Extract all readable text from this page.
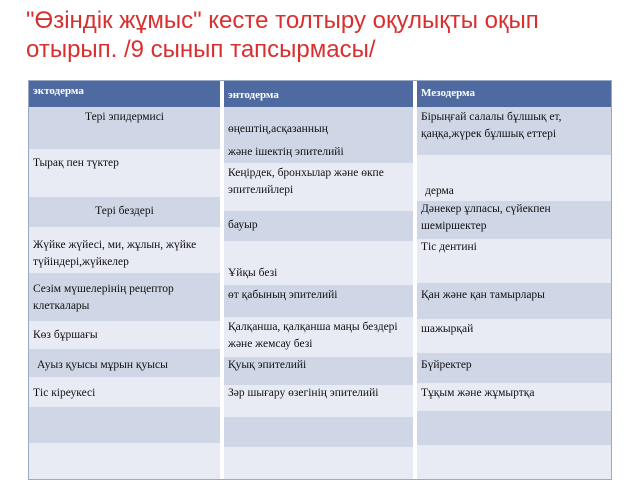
"Өзіндік жұмыс" кесте толтыру оқулықты оқып отырып. /9 сынып тапсырмасы/
эктодерма
Тері эпидермисі
Тырақ пен түктер
Тері бездері
Жүйке жүйесі, ми, жұлын, жүйке түйіндері,жүйкелер
Сезім мүшелерінің рецептор клеткалары
Көз бұршағы
Ауыз қуысы мұрын қуысы
Тіс кіреукесі
энтодерма
өңештің,асқазанның
және ішектің эпителийі
Кеңірдек, бронхылар және өкпе эпителийлері
бауыр
Ұйқы безі
өт қабының эпителийі
Қалқанша, қалқанша маңы бездері және жемсау безі
Қуық эпителийі
Зәр шығару өзегінің эпителийі
Мезодерма
Бірыңғай салалы бұлшық ет, қаңқа,жүрек бұлшық еттері
дерма
Дәнекер ұлпасы, сүйекпен шеміршектер
Тіс дентині
Қан және қан тамырлары
шажырқай
Бүйректер
Тұқым және жұмыртқа
